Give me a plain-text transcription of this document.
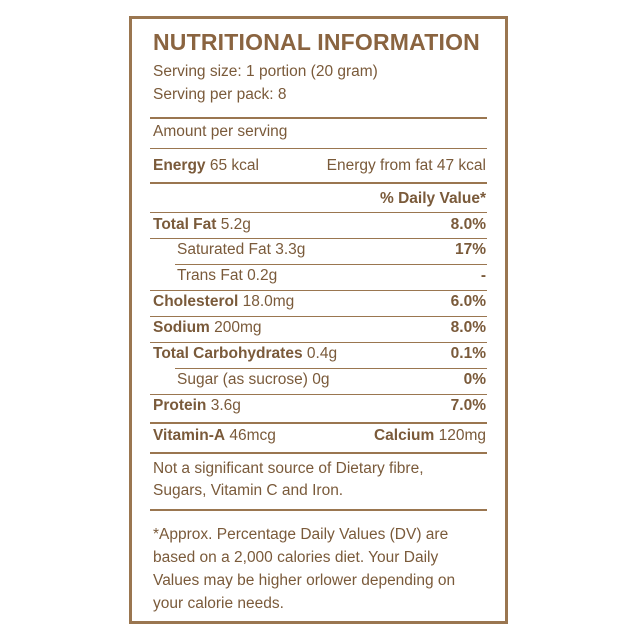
NUTRITIONAL INFORMATION
Serving size: 1 portion (20 gram)
Serving per pack: 8
Amount per serving
Energy 65 kcal	Energy from fat 47 kcal
% Daily Value*
Total Fat 5.2g	8.0%
Saturated Fat 3.3g	17%
Trans Fat 0.2g	-
Cholesterol 18.0mg	6.0%
Sodium 200mg	8.0%
Total Carbohydrates 0.4g	0.1%
Sugar (as sucrose) 0g	0%
Protein 3.6g	7.0%
Vitamin-A 46mcg	Calcium 120mg
Not a significant source of Dietary fibre,
Sugars, Vitamin C and Iron.
*Approx. Percentage Daily Values (DV) are
based on a 2,000 calories diet. Your Daily
Values may be higher orlower depending on
your calorie needs.
